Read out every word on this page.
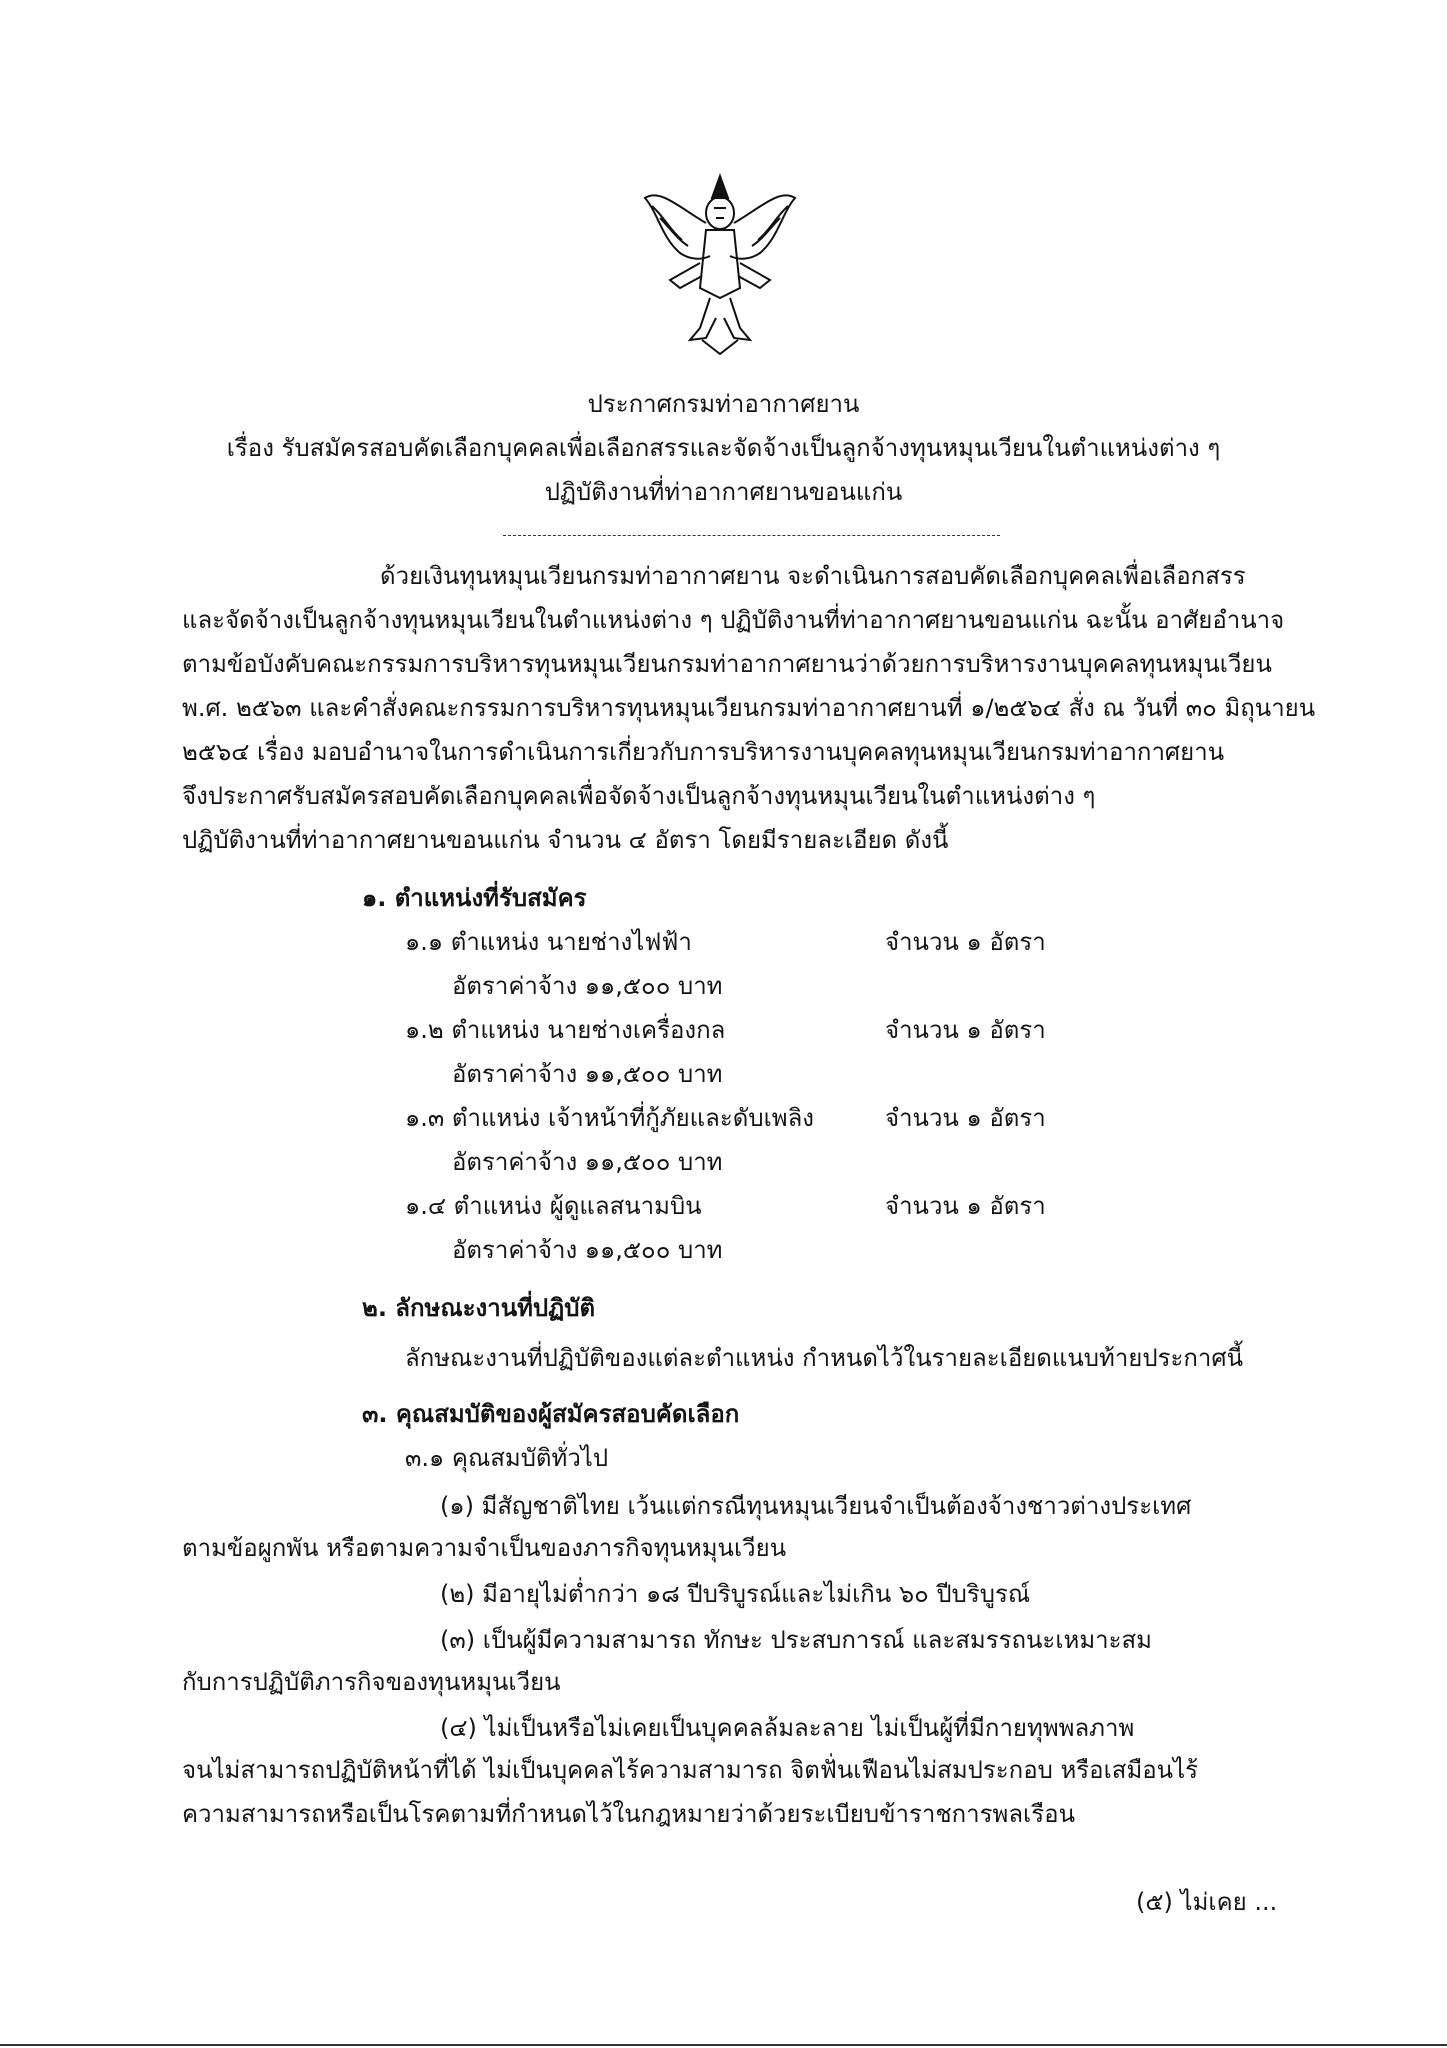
ประกาศกรมท่าอากาศยาน
เรื่อง รับสมัครสอบคัดเลือกบุคคลเพื่อเลือกสรรและจัดจ้างเป็นลูกจ้างทุนหมุนเวียนในตำแหน่งต่าง ๆ
ปฏิบัติงานที่ท่าอากาศยานขอนแก่น
ด้วยเงินทุนหมุนเวียนกรมท่าอากาศยาน จะดำเนินการสอบคัดเลือกบุคคลเพื่อเลือกสรร
และจัดจ้างเป็นลูกจ้างทุนหมุนเวียนในตำแหน่งต่าง ๆ ปฏิบัติงานที่ท่าอากาศยานขอนแก่น ฉะนั้น อาศัยอำนาจ
ตามข้อบังคับคณะกรรมการบริหารทุนหมุนเวียนกรมท่าอากาศยานว่าด้วยการบริหารงานบุคคลทุนหมุนเวียน
พ.ศ. ๒๕๖๓ และคำสั่งคณะกรรมการบริหารทุนหมุนเวียนกรมท่าอากาศยานที่ ๑/๒๕๖๔ สั่ง ณ วันที่ ๓๐ มิถุนายน
๒๕๖๔ เรื่อง มอบอำนาจในการดำเนินการเกี่ยวกับการบริหารงานบุคคลทุนหมุนเวียนกรมท่าอากาศยาน
จึงประกาศรับสมัครสอบคัดเลือกบุคคลเพื่อจัดจ้างเป็นลูกจ้างทุนหมุนเวียนในตำแหน่งต่าง ๆ
ปฏิบัติงานที่ท่าอากาศยานขอนแก่น จำนวน ๔ อัตรา โดยมีรายละเอียด ดังนี้
๑. ตำแหน่งที่รับสมัคร
๑.๑ ตำแหน่ง นายช่างไฟฟ้า	จำนวน ๑ อัตรา
อัตราค่าจ้าง ๑๑,๕๐๐ บาท
๑.๒ ตำแหน่ง นายช่างเครื่องกล	จำนวน ๑ อัตรา
อัตราค่าจ้าง ๑๑,๕๐๐ บาท
๑.๓ ตำแหน่ง เจ้าหน้าที่กู้ภัยและดับเพลิง	จำนวน ๑ อัตรา
อัตราค่าจ้าง ๑๑,๕๐๐ บาท
๑.๔ ตำแหน่ง ผู้ดูแลสนามบิน	จำนวน ๑ อัตรา
อัตราค่าจ้าง ๑๑,๕๐๐ บาท
๒. ลักษณะงานที่ปฏิบัติ
ลักษณะงานที่ปฏิบัติของแต่ละตำแหน่ง กำหนดไว้ในรายละเอียดแนบท้ายประกาศนี้
๓. คุณสมบัติของผู้สมัครสอบคัดเลือก
๓.๑ คุณสมบัติทั่วไป
(๑) มีสัญชาติไทย เว้นแต่กรณีทุนหมุนเวียนจำเป็นต้องจ้างชาวต่างประเทศ
ตามข้อผูกพัน หรือตามความจำเป็นของภารกิจทุนหมุนเวียน
(๒) มีอายุไม่ต่ำกว่า ๑๘ ปีบริบูรณ์และไม่เกิน ๖๐ ปีบริบูรณ์
(๓) เป็นผู้มีความสามารถ ทักษะ ประสบการณ์ และสมรรถนะเหมาะสม
กับการปฏิบัติภารกิจของทุนหมุนเวียน
(๔) ไม่เป็นหรือไม่เคยเป็นบุคคลล้มละลาย ไม่เป็นผู้ที่มีกายทุพพลภาพ
จนไม่สามารถปฏิบัติหน้าที่ได้ ไม่เป็นบุคคลไร้ความสามารถ จิตฟั่นเฟือนไม่สมประกอบ หรือเสมือนไร้
ความสามารถหรือเป็นโรคตามที่กำหนดไว้ในกฎหมายว่าด้วยระเบียบข้าราชการพลเรือน
(๕) ไม่เคย ...
